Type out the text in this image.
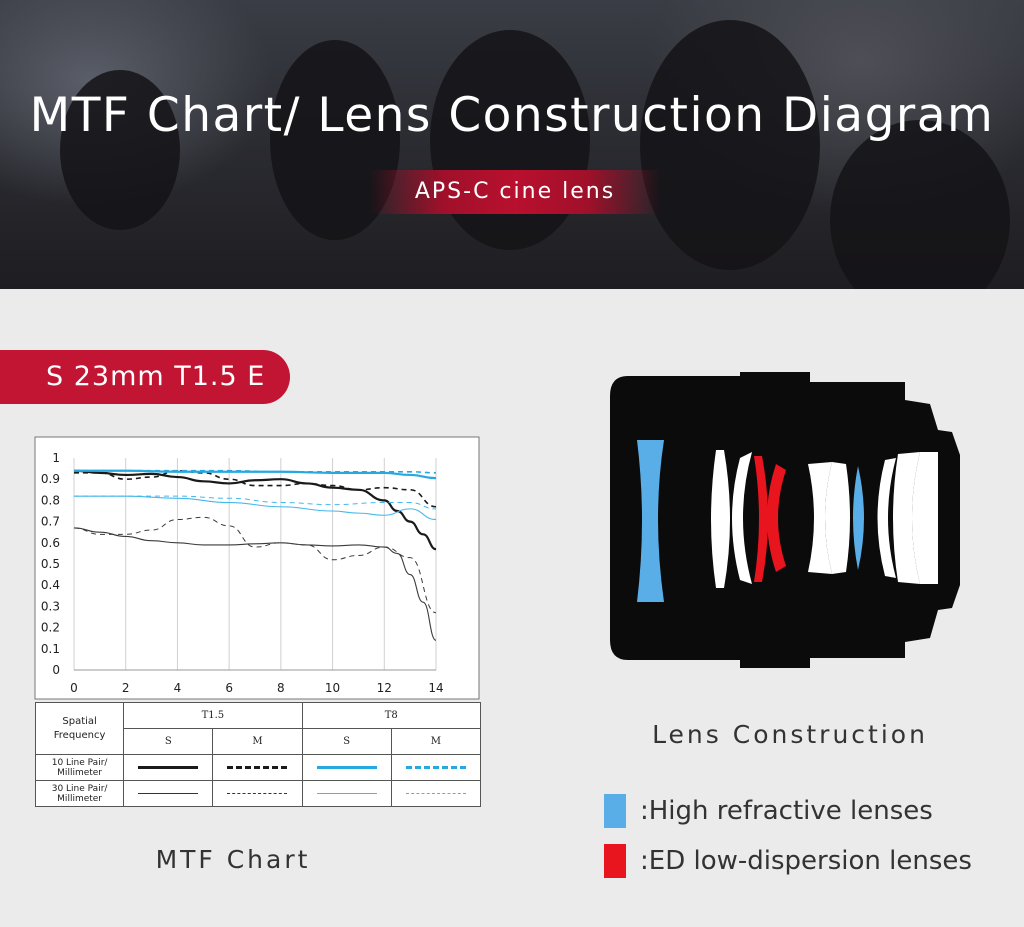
MTF Chart/ Lens Construction Diagram
APS-C cine lens
S 23mm T1.5 E
0	2	4	6	8	10	12	14
0
0.1
0.2
0.3
0.4
0.5
0.6
0.7
0.8
0.9
1
Spatial
Frequency	T1.5		T8	
	S	M	S	M

10 Line Pair/
Millimeter				

30 Line Pair/
Millimeter				

MTF Chart
Lens Construction
:High refractive lenses
:ED low-dispersion lenses
